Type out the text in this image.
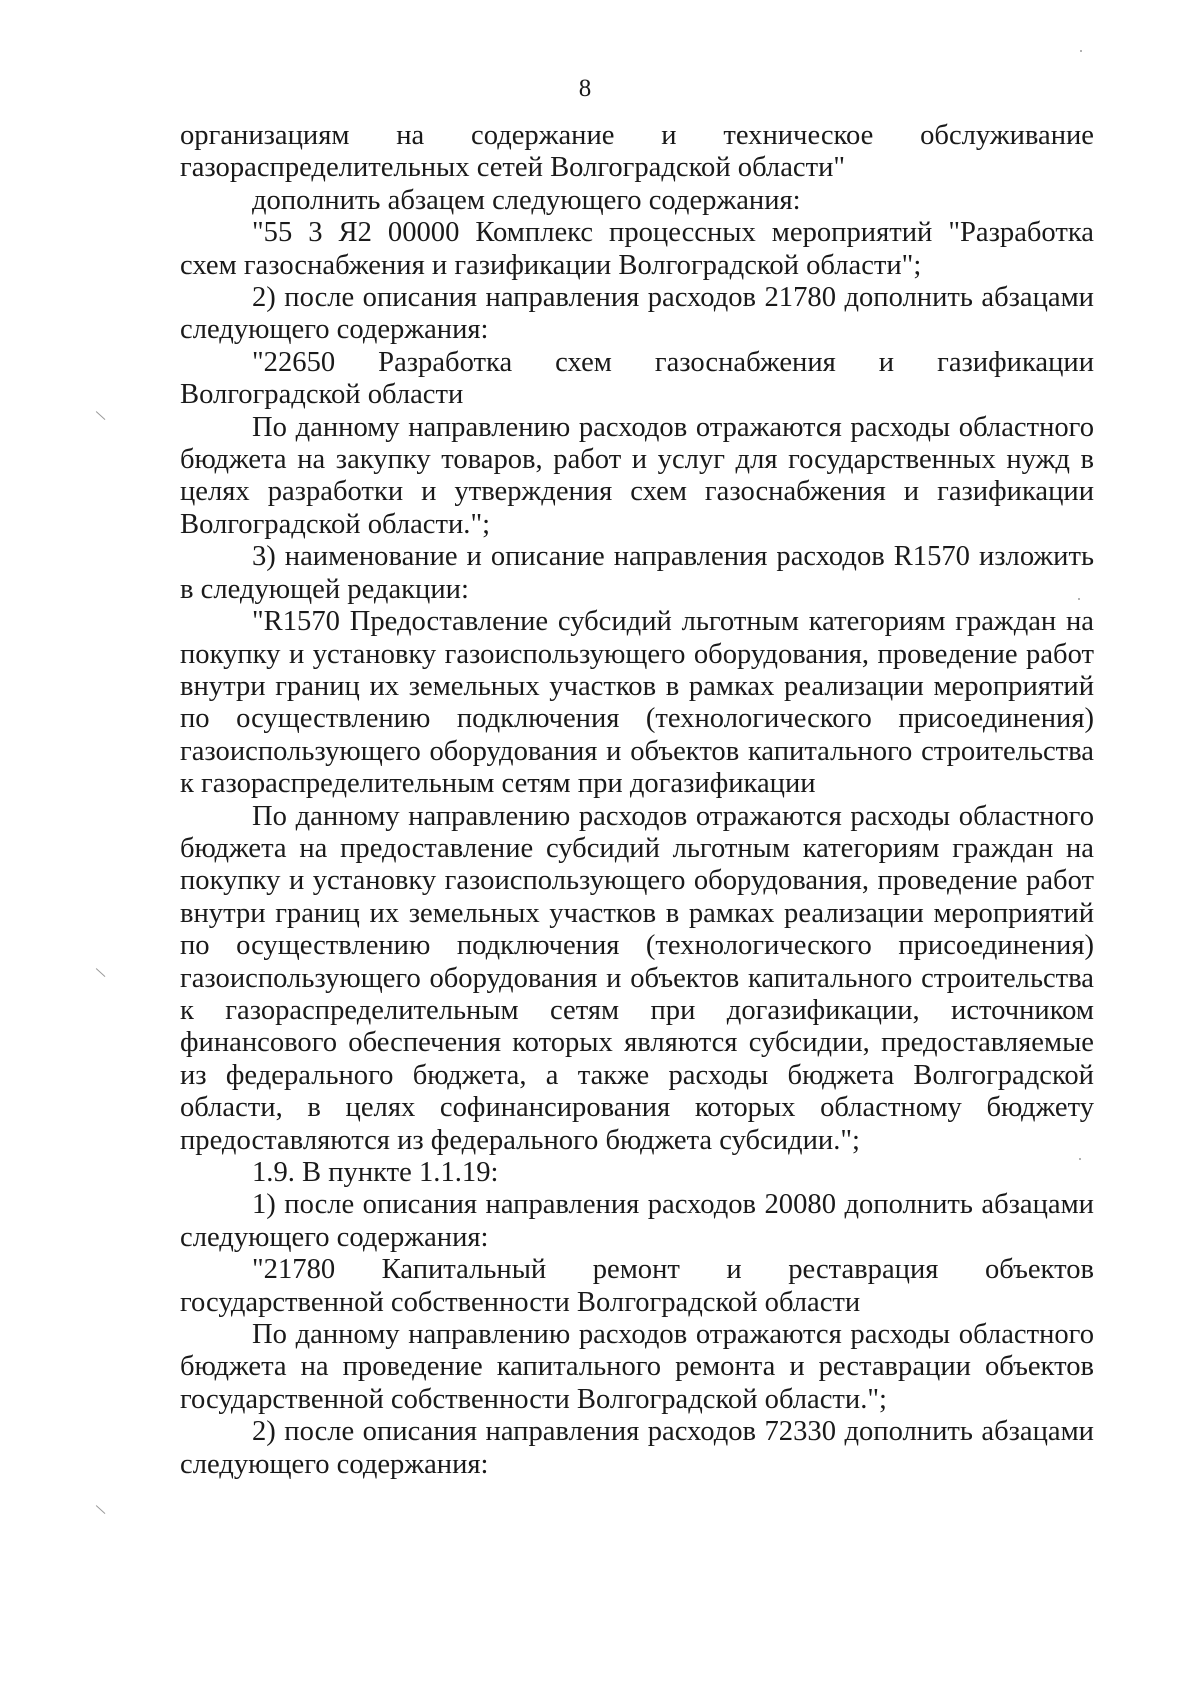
8

организациям на содержание и техническое обслуживание

газораспределительных сетей Волгоградской области"

дополнить абзацем следующего содержания:

"55 3 Я2 00000 Комплекс процессных мероприятий "Разработка схем газоснабжения и газификации Волгоградской области";

2) после описания направления расходов 21780 дополнить абзацами следующего содержания:

"22650 Разработка схем газоснабжения и газификации

Волгоградской области

По данному направлению расходов отражаются расходы областного бюджета на закупку товаров, работ и услуг для государственных нужд в целях разработки и утверждения схем газоснабжения и газификации Волгоградской области.";

3) наименование и описание направления расходов R1570 изложить в следующей редакции:

"R1570 Предоставление субсидий льготным категориям граждан на покупку и установку газоиспользующего оборудования, проведение работ внутри границ их земельных участков в рамках реализации мероприятий по осуществлению подключения (технологического присоединения) газоиспользующего оборудования и объектов капитального строительства к газораспределительным сетям при догазификации

По данному направлению расходов отражаются расходы областного бюджета на предоставление субсидий льготным категориям граждан на покупку и установку газоиспользующего оборудования, проведение работ внутри границ их земельных участков в рамках реализации мероприятий по осуществлению подключения (технологического присоединения) газоиспользующего оборудования и объектов капитального строительства к газораспределительным сетям при догазификации, источником финансового обеспечения которых являются субсидии, предоставляемые из федерального бюджета, а также расходы бюджета Волгоградской области, в целях софинансирования которых областному бюджету предоставляются из федерального бюджета субсидии.";

1.9. В пункте 1.1.19:

1) после описания направления расходов 20080 дополнить абзацами следующего содержания:

"21780 Капитальный ремонт и реставрация объектов

государственной собственности Волгоградской области

По данному направлению расходов отражаются расходы областного бюджета на проведение капитального ремонта и реставрации объектов государственной собственности Волгоградской области.";

2) после описания направления расходов 72330 дополнить абзацами следующего содержания:
